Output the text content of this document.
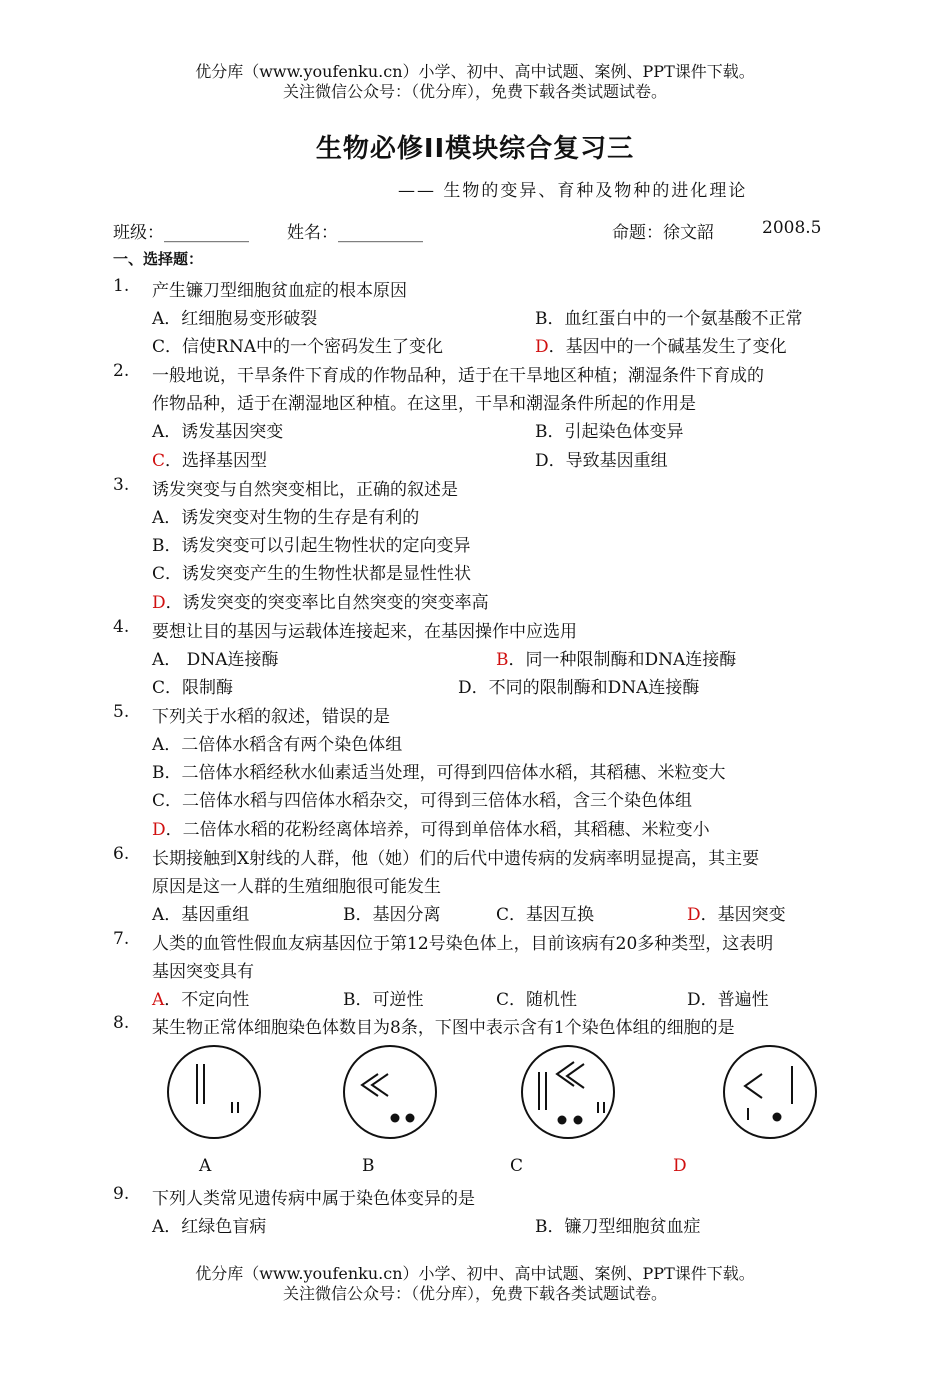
优分库（www.youfenku.cn）小学、初中、高中试题、案例、PPT课件下载。
关注微信公众号：（优分库），免费下载各类试题试卷。
生物必修II模块综合复习三
—— 生物的变异、育种及物种的进化理论
班级：__________ 姓名：__________	命题：徐文韶	2008.5
一、选择题：
1. 产生镰刀型细胞贫血症的根本原因
A．红细胞易变形破裂	B．血红蛋白中的一个氨基酸不正常
C．信使RNA中的一个密码发生了变化	D．基因中的一个碱基发生了变化
2. 一般地说，干旱条件下育成的作物品种，适于在干旱地区种植；潮湿条件下育成的
作物品种，适于在潮湿地区种植。在这里，干旱和潮湿条件所起的作用是
A．诱发基因突变	B．引起染色体变异
C．选择基因型	D．导致基因重组
3. 诱发突变与自然突变相比，正确的叙述是
A．诱发突变对生物的生存是有利的
B．诱发突变可以引起生物性状的定向变异
C．诱发突变产生的生物性状都是显性性状
D．诱发突变的突变率比自然突变的突变率高
4. 要想让目的基因与运载体连接起来，在基因操作中应选用
A． DNA连接酶	B．同一种限制酶和DNA连接酶
C．限制酶	D．不同的限制酶和DNA连接酶
5. 下列关于水稻的叙述，错误的是
A．二倍体水稻含有两个染色体组
B．二倍体水稻经秋水仙素适当处理，可得到四倍体水稻，其稻穗、米粒变大
C．二倍体水稻与四倍体水稻杂交，可得到三倍体水稻，含三个染色体组
D．二倍体水稻的花粉经离体培养，可得到单倍体水稻，其稻穗、米粒变小
6. 长期接触到X射线的人群，他（她）们的后代中遗传病的发病率明显提高，其主要
原因是这一人群的生殖细胞很可能发生
A．基因重组	B．基因分离	C．基因互换	D．基因突变
7. 人类的血管性假血友病基因位于第12号染色体上，目前该病有20多种类型，这表明
基因突变具有
A．不定向性	B．可逆性	C．随机性	D．普遍性
8. 某生物正常体细胞染色体数目为8条，下图中表示含有1个染色体组的细胞的是
A	B	C	D
9. 下列人类常见遗传病中属于染色体变异的是
A．红绿色盲病	B．镰刀型细胞贫血症
优分库（www.youfenku.cn）小学、初中、高中试题、案例、PPT课件下载。
关注微信公众号：（优分库），免费下载各类试题试卷。
